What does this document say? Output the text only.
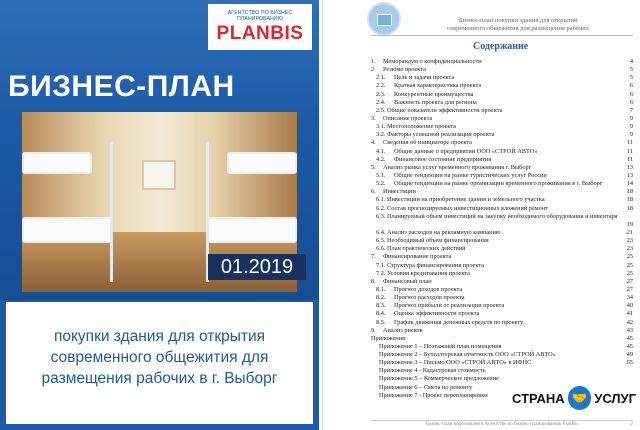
АГЕНТСТВО ПО БИЗНЕС ПЛАНИРОВАНИЮ
PLANBIS
БИЗНЕС-ПЛАН
01.2019
покупки здания для открытия
современного общежития для
размещения рабочих в г. Выборг
Бизнес-план покупки здания для открытия
современного общежития для размещения рабочих
Содержание
1. Меморандум о конфиденциальности	4
2. Резюме проекта	5
2.1. Цель и задачи проекта	5
2.2. Краткая характеристика проекта	6
2.3. Конкурентные преимущества	6
2.4. Важность проекта для региона	6
2.5. Общие показатели эффективности проекта	7
3. Описание проекта	9
3.1. Местоположение проекта	9
3.2. Факторы успешной реализации проекта	9
4. Сведения об инициаторе проекта	11
4.1. Общие данные о предприятии ООО «СТРОЙ АВТО»	11
4.2. Финансовое состояние предприятия	11
5. Анализ рынка услуг временного проживания г. Выборг	13
5.1. Общие тенденции на рынке туристических услуг России	13
5.2. Общие тенденции на рынке организации временного проживания в г. Выборг	14
6. Инвестиции	18
6.1. Инвестиции на приобретение здания и земельного участка	18
6.2. Состав прогнозируемых инвестиционных вложений ремонт	18
6.3. Планируемый объем инвестиций на закупку необходимого оборудования и инвентаря
19
6.4. Анализ расходов на рекламную кампанию	21
6.5. Необходимый объем финансирования	23
6.6. План практических действий	23
7. Финансирование проекта	25
7.1. Структура финансирования проекта	25
7.2. Условия кредитования проекта	25
8. Финансовый план	27
8.1. Прогноз доходов проекта	27
8.2. Прогноз расходов проекта	34
8.3. Прогноз прибыли от реализации проекта	40
8.4. Оценка эффективности проекта	41
8.5. График движения денежных средств по проекту	42
9. Анализ рисков	43
Приложения	45
Приложение 1 – Поэтажный план помещения	45
Приложение 2 – Бухгалтерская отчетность ООО «СТРОЙ АВТО»	49
Приложение 3 – Письмо ООО «СТРОЙ АВТО» в ИФНС	55
Приложение 4 - Кадастровая стоимость
Приложение 5 – Коммерческое предложение
Приложение 6 – Смета по ремонту
Приложение 7 - Проект перепланировки
Бизнес-план подготовлен в Агентстве по бизнес-планированию PlanBis	2
СТРАНА 🤝 УСЛУГ
